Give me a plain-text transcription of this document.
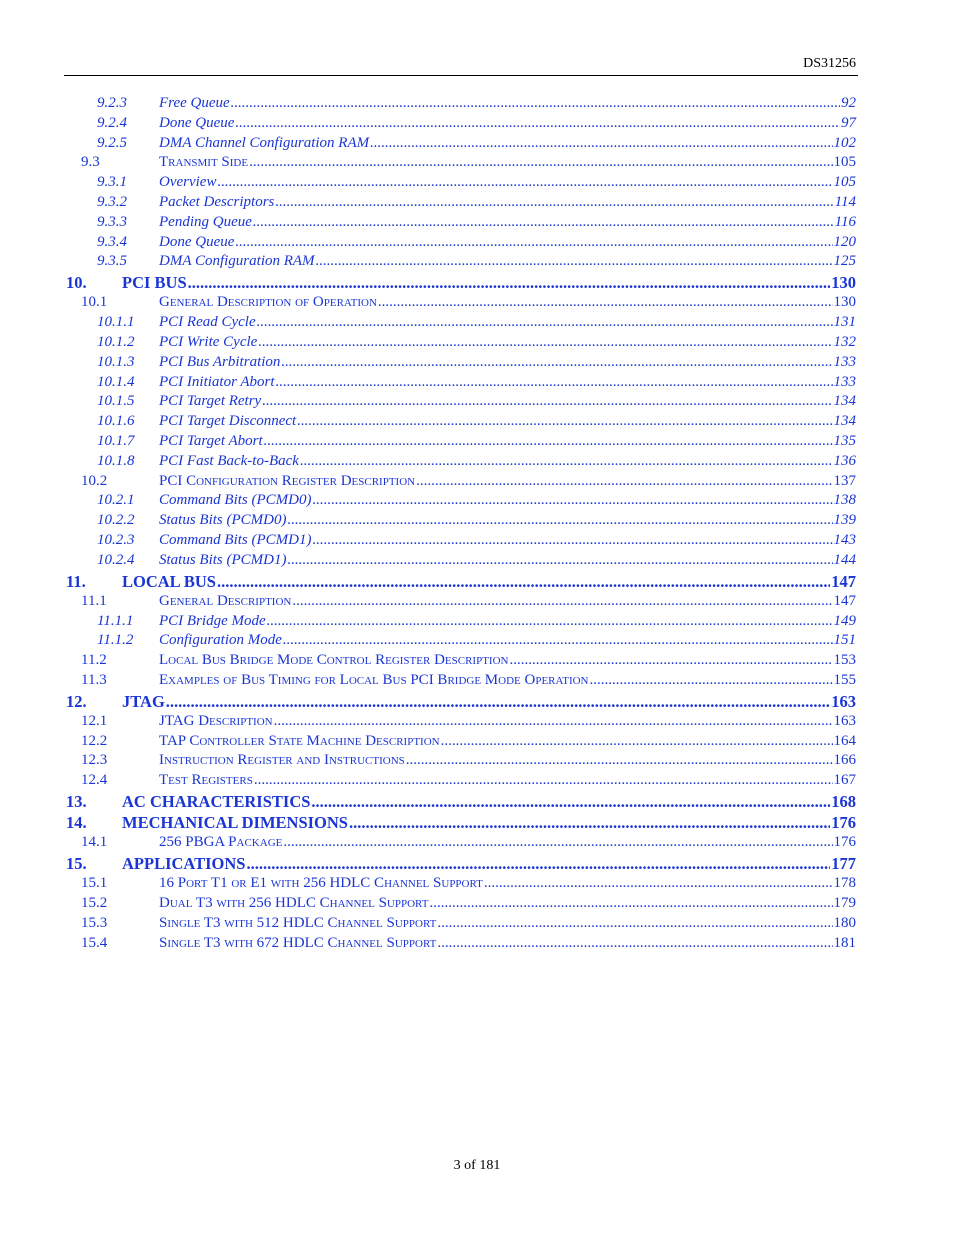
DS31256
9.2.3	Free Queue .....	92
9.2.4	Done Queue .....	97
9.2.5	DMA Channel Configuration RAM .....	102
9.3	Transmit Side .....	105
9.3.1	Overview .....	105
9.3.2	Packet Descriptors .....	114
9.3.3	Pending Queue .....	116
9.3.4	Done Queue .....	120
9.3.5	DMA Configuration RAM .....	125
10.	PCI BUS .....	130
10.1	General Description of Operation .....	130
10.1.1	PCI Read Cycle .....	131
10.1.2	PCI Write Cycle .....	132
10.1.3	PCI Bus Arbitration .....	133
10.1.4	PCI Initiator Abort .....	133
10.1.5	PCI Target Retry .....	134
10.1.6	PCI Target Disconnect .....	134
10.1.7	PCI Target Abort .....	135
10.1.8	PCI Fast Back-to-Back .....	136
10.2	PCI Configuration Register Description .....	137
10.2.1	Command Bits (PCMD0) .....	138
10.2.2	Status Bits (PCMD0) .....	139
10.2.3	Command Bits (PCMD1) .....	143
10.2.4	Status Bits (PCMD1) .....	144
11.	LOCAL BUS .....	147
11.1	General Description .....	147
11.1.1	PCI Bridge Mode .....	149
11.1.2	Configuration Mode .....	151
11.2	Local Bus Bridge Mode Control Register Description .....	153
11.3	Examples of Bus Timing for Local Bus PCI Bridge Mode Operation .....	155
12.	JTAG .....	163
12.1	JTAG Description .....	163
12.2	TAP Controller State Machine Description .....	164
12.3	Instruction Register and Instructions .....	166
12.4	Test Registers .....	167
13.	AC CHARACTERISTICS .....	168
14.	MECHANICAL DIMENSIONS .....	176
14.1	256 PBGA Package .....	176
15.	APPLICATIONS .....	177
15.1	16 Port T1 or E1 with 256 HDLC Channel Support .....	178
15.2	Dual T3 with 256 HDLC Channel Support .....	179
15.3	Single T3 with 512 HDLC Channel Support .....	180
15.4	Single T3 with 672 HDLC Channel Support .....	181
3 of 181
